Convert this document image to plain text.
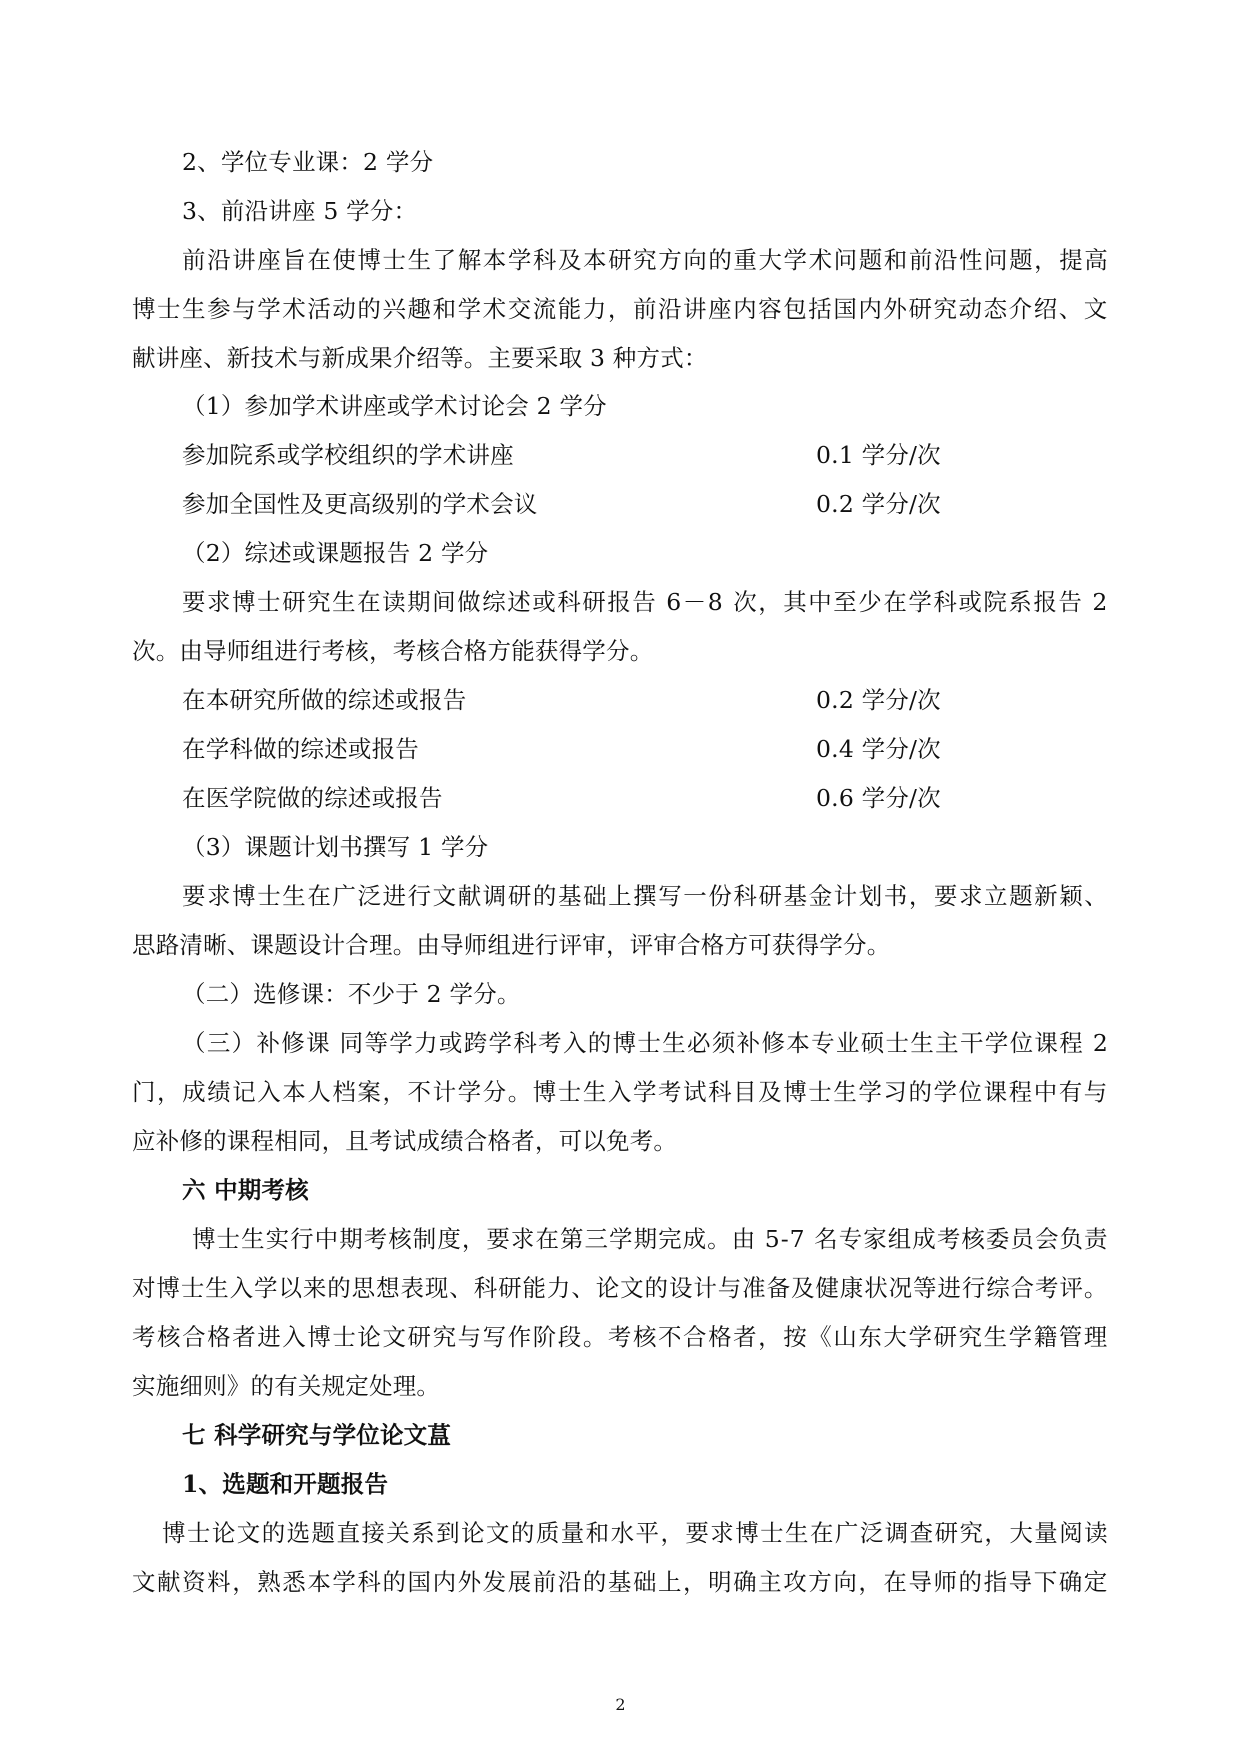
2、学位专业课：2 学分
3、前沿讲座 5 学分：
前 沿 讲 座 旨 在 使 博 士 生 了 解 本 学 科 及 本 研 究 方 向 的 重 大 学 术 问 题 和 前 沿 性 问 题 ， 提 高
博 士 生 参 与 学 术 活 动 的 兴 趣 和 学 术 交 流 能 力 ， 前 沿 讲 座 内 容 包 括 国 内 外 研 究 动 态 介 绍 、 文
献讲座、新技术与新成果介绍等。主要采取 3 种方式：
（1）参加学术讲座或学术讨论会 2 学分
参加院系或学校组织的学术讲座	0.1 学分/次
参加全国性及更高级别的学术会议	0.2 学分/次
（2）综述或课题报告 2 学分
要 求 博 士 研 究 生 在 读 期 间 做 综 述 或 科 研 报 告
6 － 8
次 ， 其 中 至 少 在 学 科 或 院 系 报 告
2
次。由导师组进行考核，考核合格方能获得学分。
在本研究所做的综述或报告	0.2 学分/次
在学科做的综述或报告	0.4 学分/次
在医学院做的综述或报告	0.6 学分/次
（3）课题计划书撰写 1 学分
要 求 博 士 生 在 广 泛 进 行 文 献 调 研 的 基 础 上 撰 写 一 份 科 研 基 金 计 划 书 ， 要 求 立 题 新 颖 、
思路清晰、课题设计合理。由导师组进行评审，评审合格方可获得学分。
（二）选修课：不少于 2 学分。
（ 三 ） 补 修 课
同 等 学 力 或 跨 学 科 考 入 的 博 士 生 必 须 补 修 本 专 业 硕 士 生 主 干 学 位 课 程
2
门 ， 成 绩 记 入 本 人 档 案 ， 不 计 学 分 。 博 士 生 入 学 考 试 科 目 及 博 士 生 学 习 的 学 位 课 程 中 有 与
应补修的课程相同，且考试成绩合格者，可以免考。
六 中期考核
博 士 生 实 行 中 期 考 核 制 度 ， 要 求 在 第 三 学 期 完 成 。 由
5 - 7
名 专 家 组 成 考 核 委 员 会 负 责
对 博 士 生 入 学 以 来 的 思 想 表 现 、 科 研 能 力 、 论 文 的 设 计 与 准 备 及 健 康 状 况 等 进 行 综 合 考 评 。
考 核 合 格 者 进 入 博 士 论 文 研 究 与 写 作 阶 段 。 考 核 不 合 格 者 ， 按 《 山 东 大 学 研 究 生 学 籍 管 理
实施细则》的有关规定处理。
七 科学研究与学位论文蒀
1、选题和开题报告
博 士 论 文 的 选 题 直 接 关 系 到 论 文 的 质 量 和 水 平 ， 要 求 博 士 生 在 广 泛 调 查 研 究 ， 大 量 阅 读
文 献 资 料 ， 熟 悉 本 学 科 的 国 内 外 发 展 前 沿 的 基 础 上 ， 明 确 主 攻 方 向 ， 在 导 师 的 指 导 下 确 定
2
